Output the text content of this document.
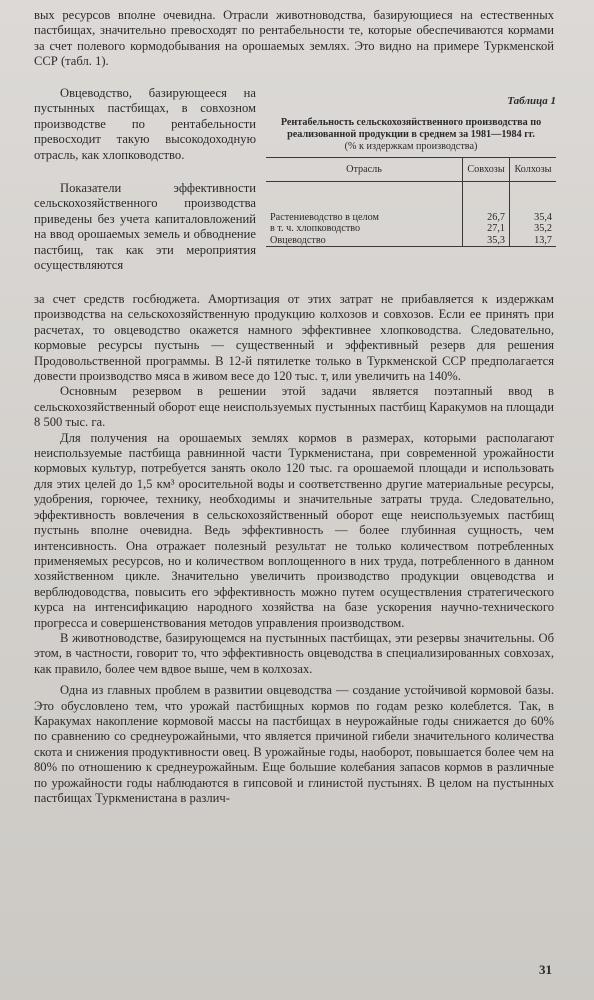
вых ресурсов вполне очевидна. Отрасли животноводства, базирующиеся на естественных пастбищах, значительно превосходят по рентабельности те, которые обеспечиваются кормами за счет полевого кормодобывания на орошаемых землях. Это видно на примере Туркменской ССР (табл. 1).

Овцеводство, базирующееся на пустынных пастбищах, в совхозном производстве по рентабельности превосходит такую высокодоходную отрасль, как хлопководство.

Показатели эффективности сельскохозяйственного производства приведены без учета капиталовложений на ввод орошаемых земель и обводнение пастбищ, так как эти мероприятия осуществляются

Таблица 1
Рентабельность сельскохозяйственного производства по реализованной продукции в среднем за 1981—1984 гг.
(% к издержкам производства)
Отрасль	Совхозы	Колхозы
Растениеводство в целом	26,7	35,4
в т. ч. хлопководство	27,1	35,2
Овцеводство	35,3	13,7

за счет средств госбюджета. Амортизация от этих затрат не прибавляется к издержкам производства на сельскохозяйственную продукцию колхозов и совхозов. Если ее принять при расчетах, то овцеводство окажется намного эффективнее хлопководства. Следовательно, кормовые ресурсы пустынь — существенный и эффективный резерв для решения Продовольственной программы. В 12-й пятилетке только в Туркменской ССР предполагается довести производство мяса в живом весе до 120 тыс. т, или увеличить на 140%.

Основным резервом в решении этой задачи является поэтапный ввод в сельскохозяйственный оборот еще неиспользуемых пустынных пастбищ Каракумов на площади 8 500 тыс. га.

Для получения на орошаемых землях кормов в размерах, которыми располагают неиспользуемые пастбища равнинной части Туркменистана, при современной урожайности кормовых культур, потребуется занять около 120 тыс. га орошаемой площади и использовать для этих целей до 1,5 км³ оросительной воды и соответственно другие материальные ресурсы, удобрения, горючее, технику, необходимы и значительные затраты труда. Следовательно, эффективность вовлечения в сельскохозяйственный оборот еще неиспользуемых пастбищ пустынь вполне очевидна. Ведь эффективность — более глубинная сущность, чем интенсивность. Она отражает полезный результат не только количеством потребленных применяемых ресурсов, но и количеством воплощенного в них труда, потребленного в данном хозяйственном цикле. Значительно увеличить производство продукции овцеводства и верблюдоводства, повысить его эффективность можно путем осуществления стратегического курса на интенсификацию народного хозяйства на базе ускорения научно-технического прогресса и совершенствования методов управления производством.

В животноводстве, базирующемся на пустынных пастбищах, эти резервы значительны. Об этом, в частности, говорит то, что эффективность овцеводства в специализированных совхозах, как правило, более чем вдвое выше, чем в колхозах.

Одна из главных проблем в развитии овцеводства — создание устойчивой кормовой базы. Это обусловлено тем, что урожай пастбищных кормов по годам резко колеблется. Так, в Каракумах накопление кормовой массы на пастбищах в неурожайные годы снижается до 60% по сравнению со среднеурожайными, что является причиной гибели значительного количества скота и снижения продуктивности овец. В урожайные годы, наоборот, повышается более чем на 80% по отношению к среднеурожайным. Еще большие колебания запасов кормов в различные по урожайности годы наблюдаются в гипсовой и глинистой пустынях. В целом на пустынных пастбищах Туркменистана в различ-

31
